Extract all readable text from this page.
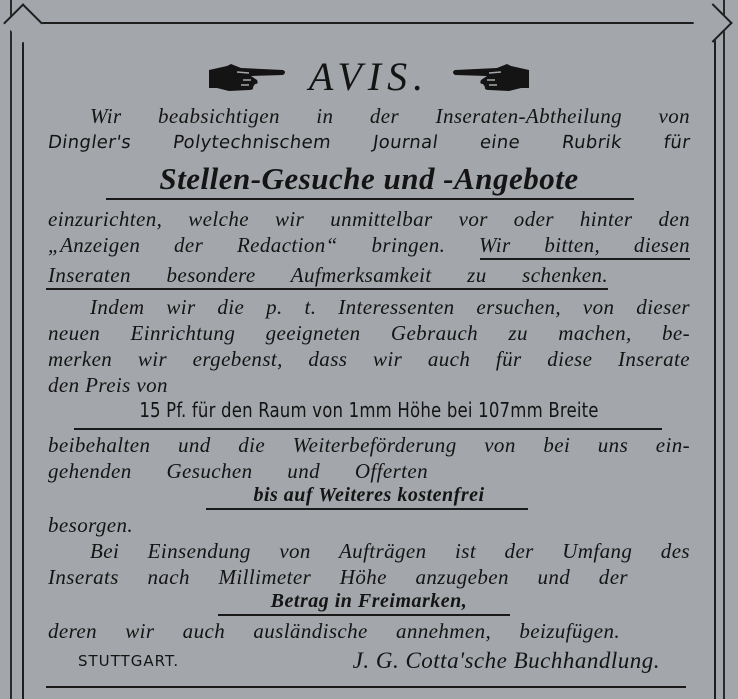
AVIS.
Wir beabsichtigen in der Inseraten-Abtheilung von
Dingler's Polytechnischem Journal eine Rubrik für
Stellen-Gesuche und -Angebote
einzurichten, welche wir unmittelbar vor oder hinter den
„Anzeigen der Redaction“ bringen. Wir bitten, diesen
Inseraten besondere Aufmerksamkeit zu schenken.
Indem wir die p. t. Interessenten ersuchen, von dieser
neuen Einrichtung geeigneten Gebrauch zu machen, be-
merken wir ergebenst, dass wir auch für diese Inserate
den Preis von
15 Pf. für den Raum von 1mm Höhe bei 107mm Breite
beibehalten und die Weiterbeförderung von bei uns ein-
gehenden Gesuchen und Offerten
bis auf Weiteres kostenfrei
besorgen.
Bei Einsendung von Aufträgen ist der Umfang des
Inserats nach Millimeter Höhe anzugeben und der
Betrag in Freimarken,
deren wir auch ausländische annehmen, beizufügen.
STUTTGART.	J. G. Cotta'sche Buchhandlung.
